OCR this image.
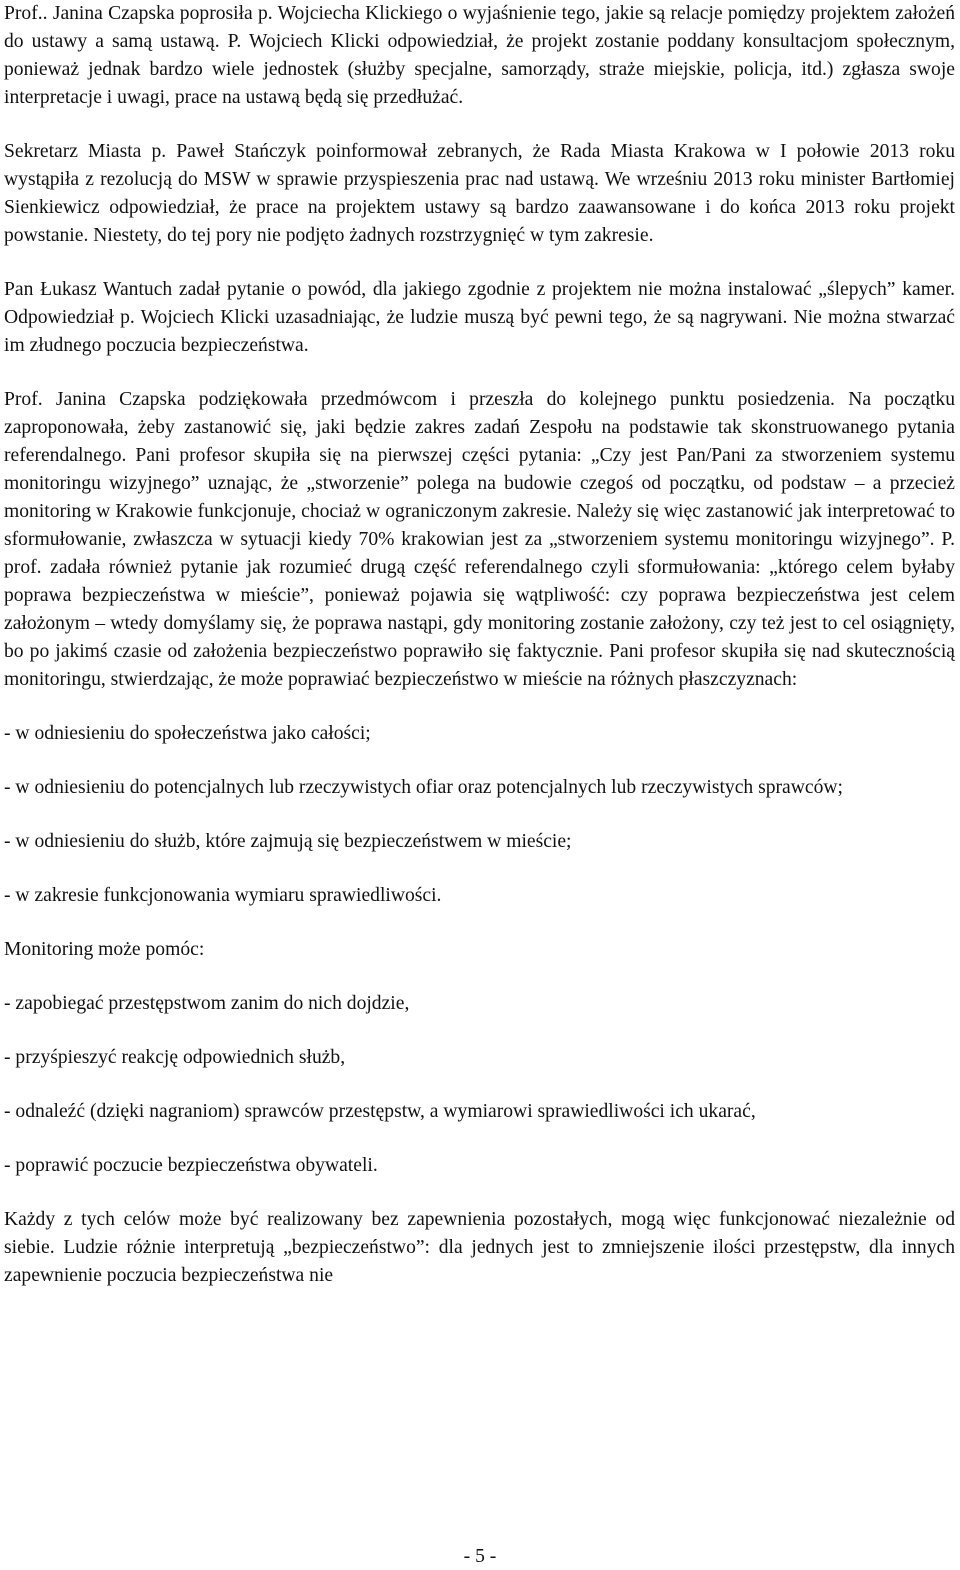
Prof.. Janina Czapska poprosiła p. Wojciecha Klickiego o wyjaśnienie tego, jakie są relacje pomiędzy projektem założeń do ustawy a samą ustawą. P. Wojciech Klicki odpowiedział, że projekt zostanie poddany konsultacjom społecznym, ponieważ jednak bardzo wiele jednostek (służby specjalne, samorządy, straże miejskie, policja, itd.) zgłasza swoje interpretacje i uwagi, prace na ustawą będą się przedłużać.

Sekretarz Miasta p. Paweł Stańczyk poinformował zebranych, że Rada Miasta Krakowa w I połowie 2013 roku wystąpiła z rezolucją do MSW w sprawie przyspieszenia prac nad ustawą. We wrześniu 2013 roku minister Bartłomiej Sienkiewicz odpowiedział, że prace na projektem ustawy są bardzo zaawansowane i do końca 2013 roku projekt powstanie. Niestety, do tej pory nie podjęto żadnych rozstrzygnięć w tym zakresie.

Pan Łukasz Wantuch zadał pytanie o powód, dla jakiego zgodnie z projektem nie można instalować „ślepych” kamer. Odpowiedział p. Wojciech Klicki uzasadniając, że ludzie muszą być pewni tego, że są nagrywani. Nie można stwarzać im złudnego poczucia bezpieczeństwa.

Prof. Janina Czapska podziękowała przedmówcom i przeszła do kolejnego punktu posiedzenia. Na początku zaproponowała, żeby zastanowić się, jaki będzie zakres zadań Zespołu na podstawie tak skonstruowanego pytania referendalnego. Pani profesor skupiła się na pierwszej części pytania: „Czy jest Pan/Pani za stworzeniem systemu monitoringu wizyjnego” uznając, że „stworzenie” polega na budowie czegoś od początku, od podstaw – a przecież monitoring w Krakowie funkcjonuje, chociaż w ograniczonym zakresie. Należy się więc zastanowić jak interpretować to sformułowanie, zwłaszcza w sytuacji kiedy 70% krakowian jest za „stworzeniem systemu monitoringu wizyjnego”. P. prof. zadała również pytanie jak rozumieć drugą część referendalnego czyli sformułowania: „którego celem byłaby poprawa bezpieczeństwa w mieście”, ponieważ pojawia się wątpliwość: czy poprawa bezpieczeństwa jest celem założonym – wtedy domyślamy się, że poprawa nastąpi, gdy monitoring zostanie założony, czy też jest to cel osiągnięty, bo po jakimś czasie od założenia bezpieczeństwo poprawiło się faktycznie. Pani profesor skupiła się nad skutecznością monitoringu, stwierdzając, że może poprawiać bezpieczeństwo w mieście na różnych płaszczyznach:

- w odniesieniu do społeczeństwa jako całości;

- w odniesieniu do potencjalnych lub rzeczywistych ofiar oraz potencjalnych lub rzeczywistych sprawców;

- w odniesieniu do służb, które zajmują się bezpieczeństwem w mieście;

- w zakresie funkcjonowania wymiaru sprawiedliwości.

Monitoring może pomóc:

- zapobiegać przestępstwom zanim do nich dojdzie,

- przyśpieszyć reakcję odpowiednich służb,

- odnaleźć (dzięki nagraniom) sprawców przestępstw, a wymiarowi sprawiedliwości ich ukarać,

- poprawić poczucie bezpieczeństwa obywateli.

Każdy z tych celów może być realizowany bez zapewnienia pozostałych, mogą więc funkcjonować niezależnie od siebie. Ludzie różnie interpretują „bezpieczeństwo”: dla jednych jest to zmniejszenie ilości przestępstw, dla innych zapewnienie poczucia bezpieczeństwa nie

- 5 -
